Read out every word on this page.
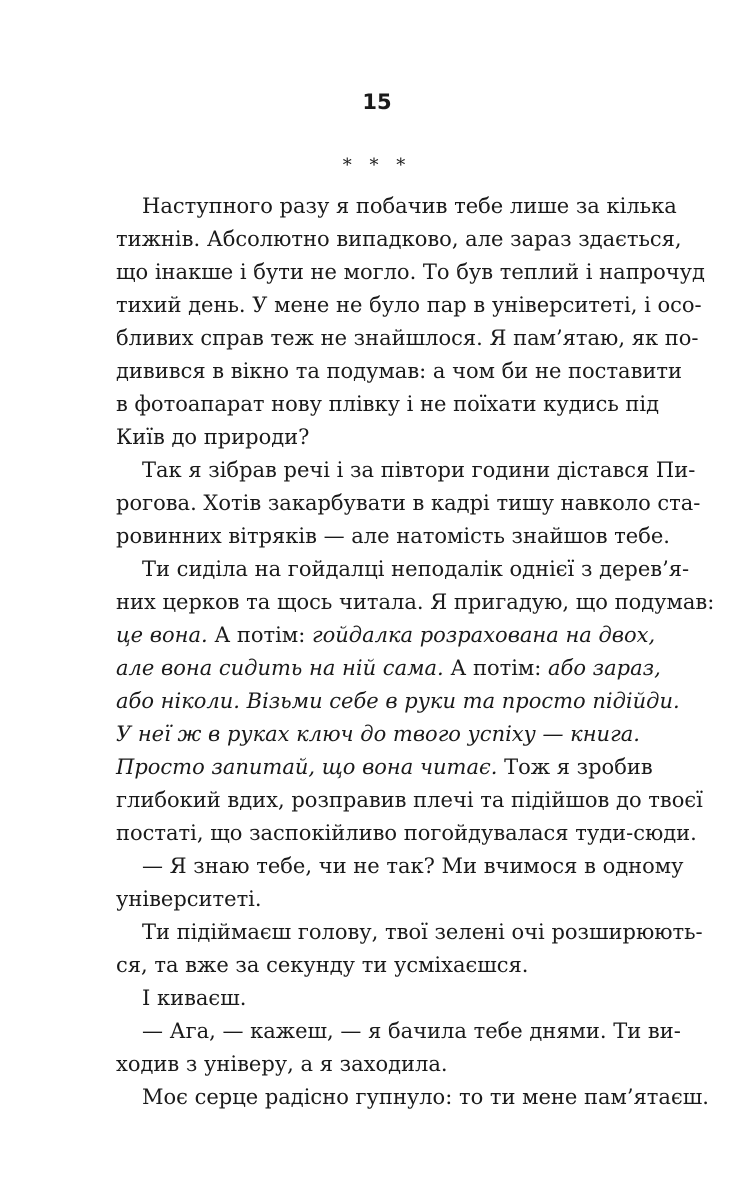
15
* * *
Наступного разу я побачив тебе лише за кілька
тижнів. Абсолютно випадково, але зараз здається,
що інакше і бути не могло. То був теплий і напрочуд
тихий день. У мене не було пар в університеті, і осо-
бливих справ теж не знайшлося. Я пам’ятаю, як по-
дивився в вікно та подумав: а чом би не поставити
в фотоапарат нову плівку і не поїхати кудись під
Київ до природи?
Так я зібрав речі і за півтори години дістався Пи-
рогова. Хотів закарбувати в кадрі тишу навколо ста-
ровинних вітряків — але натомість знайшов тебе.
Ти сиділа на гойдалці неподалік однієї з дерев’я-
них церков та щось читала. Я пригадую, що подумав:
це вона. А потім: гойдалка розрахована на двох,
але вона сидить на ній сама. А потім: або зараз,
або ніколи. Візьми себе в руки та просто підійди.
У неї ж в руках ключ до твого успіху — книга.
Просто запитай, що вона читає. Тож я зробив
глибокий вдих, розправив плечі та підійшов до твоєї
постаті, що заспокійливо погойдувалася туди-сюди.
— Я знаю тебе, чи не так? Ми вчимося в одному
університеті.
Ти підіймаєш голову, твої зелені очі розширюють-
ся, та вже за секунду ти усміхаєшся.
І киваєш.
— Ага, — кажеш, — я бачила тебе днями. Ти ви-
ходив з універу, а я заходила.
Моє серце радісно гупнуло: то ти мене пам’ятаєш.
